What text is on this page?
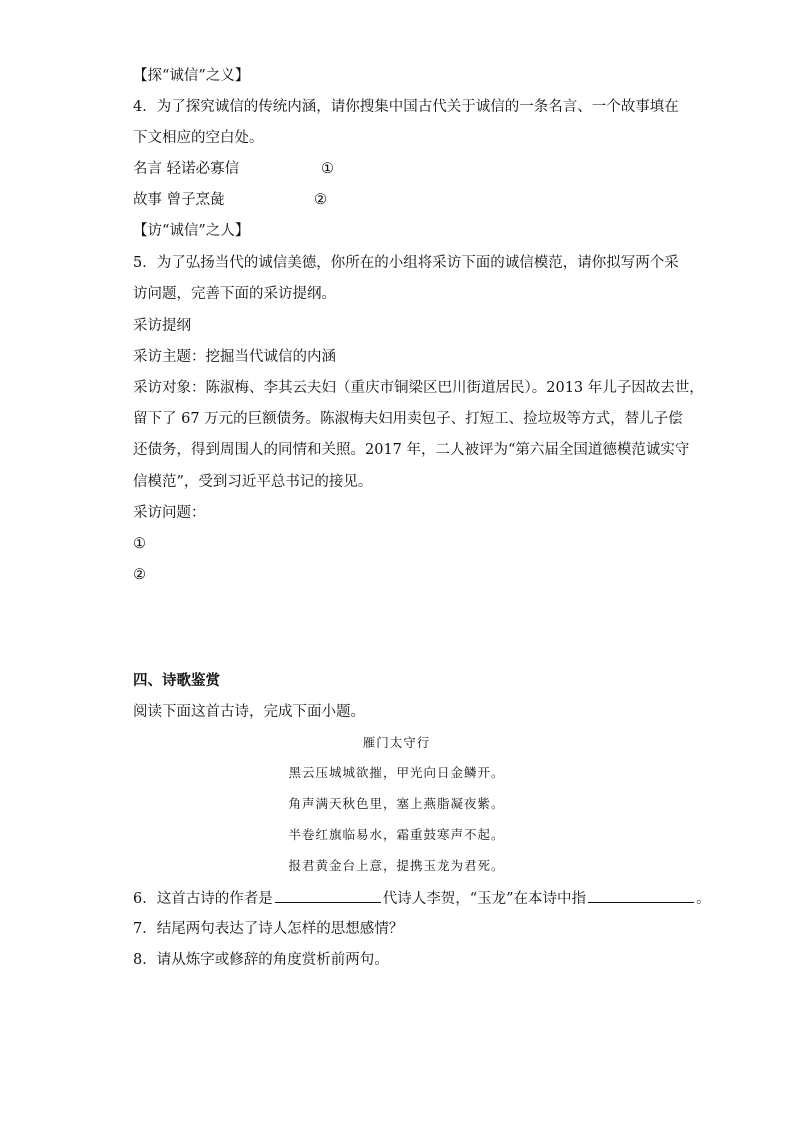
【探“诚信”之义】
4．为了探究诚信的传统内涵，请你搜集中国古代关于诚信的一条名言、一个故事填在
下文相应的空白处。
名言 轻诺必寡信	①
故事 曾子烹彘	②
【访“诚信”之人】
5．为了弘扬当代的诚信美德，你所在的小组将采访下面的诚信模范，请你拟写两个采
访问题，完善下面的采访提纲。
采访提纲
采访主题：挖掘当代诚信的内涵
采访对象：陈淑梅、李其云夫妇（重庆市铜梁区巴川街道居民）。2013 年儿子因故去世，
留下了 67 万元的巨额债务。陈淑梅夫妇用卖包子、打短工、捡垃圾等方式，替儿子偿
还债务，得到周围人的同情和关照。2017 年，二人被评为“第六届全国道德模范诚实守
信模范”，受到习近平总书记的接见。
采访问题：
①
②
四、诗歌鉴赏
阅读下面这首古诗，完成下面小题。
雁门太守行
黑云压城城欲摧，甲光向日金鳞开。
角声满天秋色里，塞上燕脂凝夜紫。
半卷红旗临易水，霜重鼓寒声不起。
报君黄金台上意，提携玉龙为君死。
6．这首古诗的作者是	代诗人李贺，“玉龙”在本诗中指	。
7．结尾两句表达了诗人怎样的思想感情？
8．请从炼字或修辞的角度赏析前两句。
